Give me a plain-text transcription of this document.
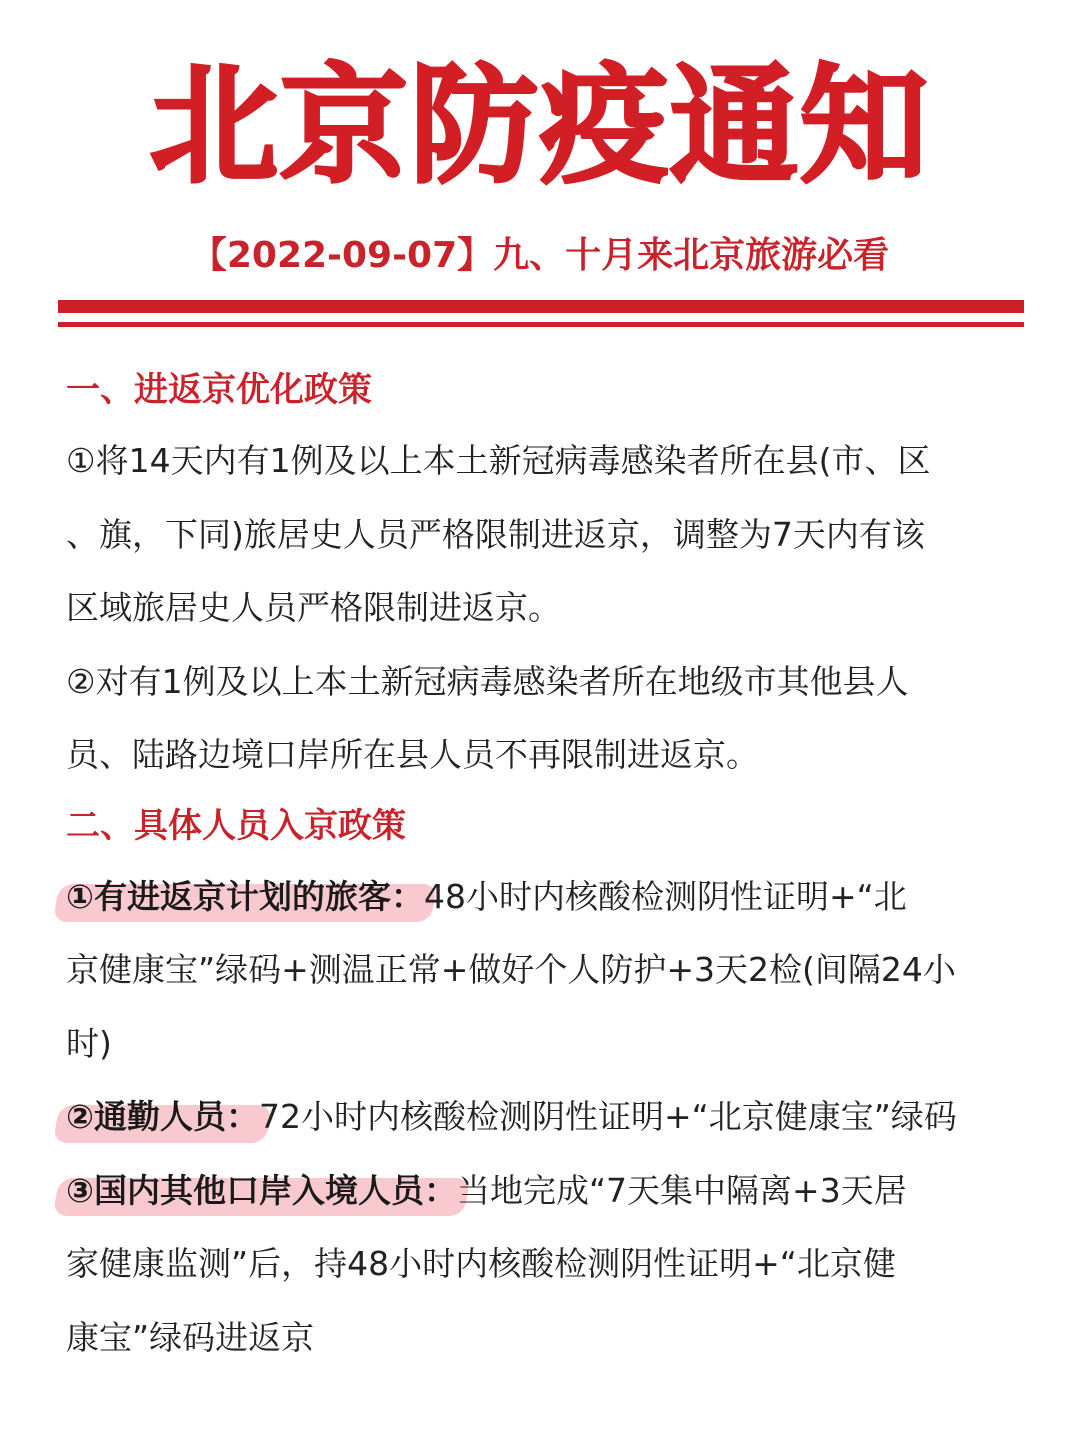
北京防疫通知
【2022-09-07】九、十月来北京旅游必看
一、进返京优化政策
①将14天内有1例及以上本土新冠病毒感染者所在县(市、区
、旗，下同)旅居史人员严格限制进返京，调整为7天内有该
区域旅居史人员严格限制进返京。
②对有1例及以上本土新冠病毒感染者所在地级市其他县人
员、陆路边境口岸所在县人员不再限制进返京。
二、具体人员入京政策
①有进返京计划的旅客：48小时内核酸检测阴性证明+“北
京健康宝”绿码+测温正常+做好个人防护+3天2检(间隔24小
时)
②通勤人员：72小时内核酸检测阴性证明+“北京健康宝”绿码
③国内其他口岸入境人员：当地完成“7天集中隔离+3天居
家健康监测”后，持48小时内核酸检测阴性证明+“北京健
康宝”绿码进返京
